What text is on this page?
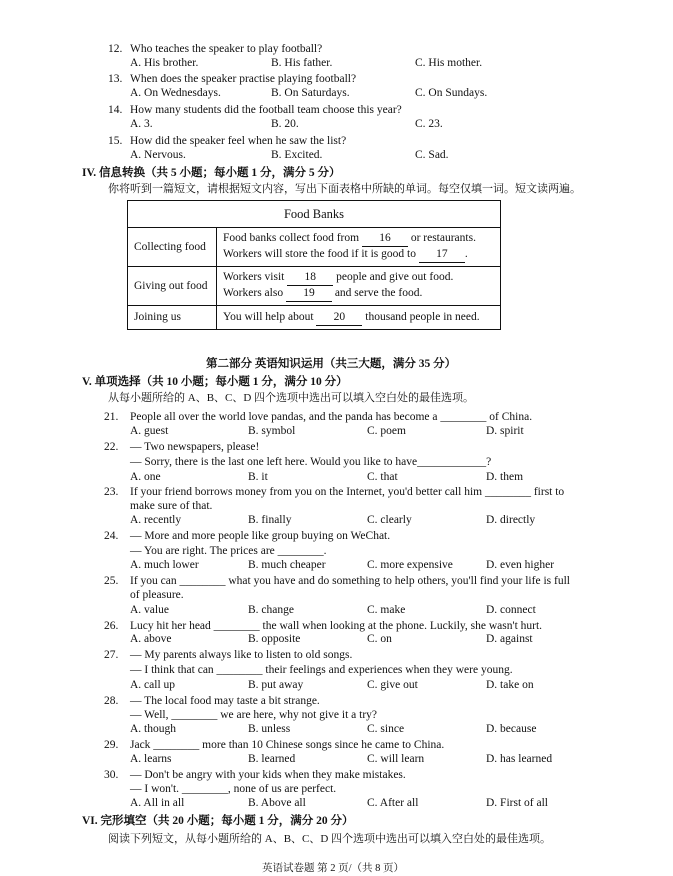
12. Who teaches the speaker to play football?
A. His brother.	B. His father.	C. His mother.
13. When does the speaker practise playing football?
A. On Wednesdays.	B. On Saturdays.	C. On Sundays.
14. How many students did the football team choose this year?
A. 3.	B. 20.	C. 23.
15. How did the speaker feel when he saw the list?
A. Nervous.	B. Excited.	C. Sad.
IV. 信息转换（共 5 小题；每小题 1 分，满分 5 分）
你将听到一篇短文，请根据短文内容，写出下面表格中所缺的单词。每空仅填一词。短文读两遍。
Food Banks	
Collecting food	Food banks collect food from 16 or restaurants.
Workers will store the food if it is good to 17 .

Giving out food	Workers visit 18 people and give out food.
Workers also 19 and serve the food.

Joining us	You will help about 20 thousand people in need.
第二部分 英语知识运用（共三大题，满分 35 分）
V. 单项选择（共 10 小题；每小题 1 分，满分 10 分）
从每小题所给的 A、B、C、D 四个选项中选出可以填入空白处的最佳选项。
21. People all over the world love pandas, and the panda has become a ________ of China.
A. guest	B. symbol	C. poem	D. spirit
22. — Two newspapers, please!
— Sorry, there is the last one left here. Would you like to have____________?
A. one	B. it	C. that	D. them
23. If your friend borrows money from you on the Internet, you'd better call him ________ first to
make sure of that.
A. recently	B. finally	C. clearly	D. directly
24. — More and more people like group buying on WeChat.
— You are right. The prices are ________.
A. much lower	B. much cheaper	C. more expensive	D. even higher
25. If you can ________ what you have and do something to help others, you'll find your life is full
of pleasure.
A. value	B. change	C. make	D. connect
26. Lucy hit her head ________ the wall when looking at the phone. Luckily, she wasn't hurt.
A. above	B. opposite	C. on	D. against
27. — My parents always like to listen to old songs.
— I think that can ________ their feelings and experiences when they were young.
A. call up	B. put away	C. give out	D. take on
28. — The local food may taste a bit strange.
— Well, ________ we are here, why not give it a try?
A. though	B. unless	C. since	D. because
29. Jack ________ more than 10 Chinese songs since he came to China.
A. learns	B. learned	C. will learn	D. has learned
30. — Don't be angry with your kids when they make mistakes.
— I won't. ________, none of us are perfect.
A. All in all	B. Above all	C. After all	D. First of all
VI. 完形填空（共 20 小题；每小题 1 分，满分 20 分）
阅读下列短文，从每小题所给的 A、B、C、D 四个选项中选出可以填入空白处的最佳选项。
英语试卷题 第 2 页/（共 8 页）
